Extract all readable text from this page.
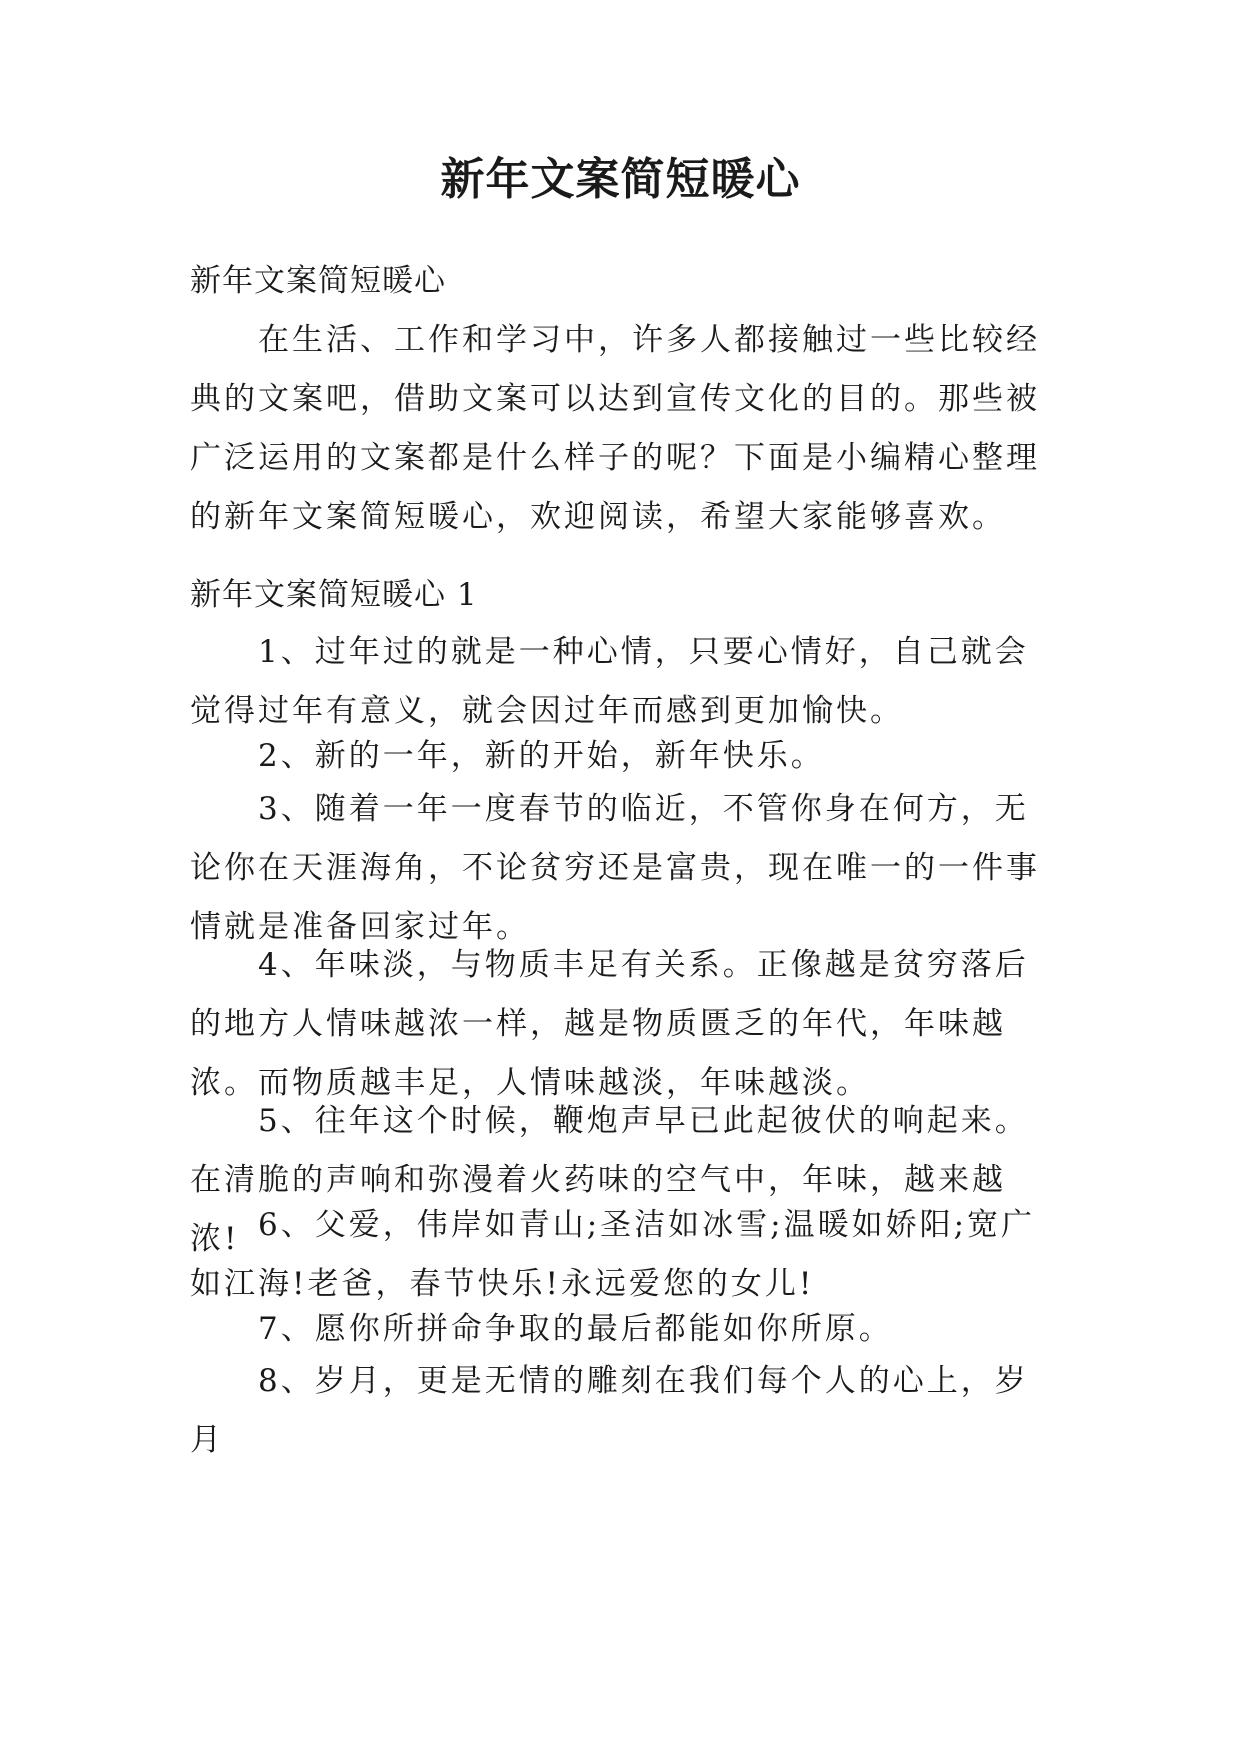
新年文案简短暖心

新年文案简短暖心

在生活、工作和学习中，许多人都接触过一些比较经典的文案吧，借助文案可以达到宣传文化的目的。那些被广泛运用的文案都是什么样子的呢？下面是小编精心整理的新年文案简短暖心，欢迎阅读，希望大家能够喜欢。

新年文案简短暖心 1

1、过年过的就是一种心情，只要心情好，自己就会觉得过年有意义，就会因过年而感到更加愉快。

2、新的一年，新的开始，新年快乐。

3、随着一年一度春节的临近，不管你身在何方，无论你在天涯海角，不论贫穷还是富贵，现在唯一的一件事情就是准备回家过年。

4、年味淡，与物质丰足有关系。正像越是贫穷落后的地方人情味越浓一样，越是物质匮乏的年代，年味越浓。而物质越丰足，人情味越淡，年味越淡。

5、往年这个时候，鞭炮声早已此起彼伏的响起来。在清脆的声响和弥漫着火药味的空气中，年味，越来越浓! 6、父爱，伟岸如青山;圣洁如冰雪;温暖如娇阳;宽广如江海!老爸，春节快乐!永远爱您的女儿!

7、愿你所拼命争取的最后都能如你所原。

8、岁月，更是无情的雕刻在我们每个人的心上，岁月
